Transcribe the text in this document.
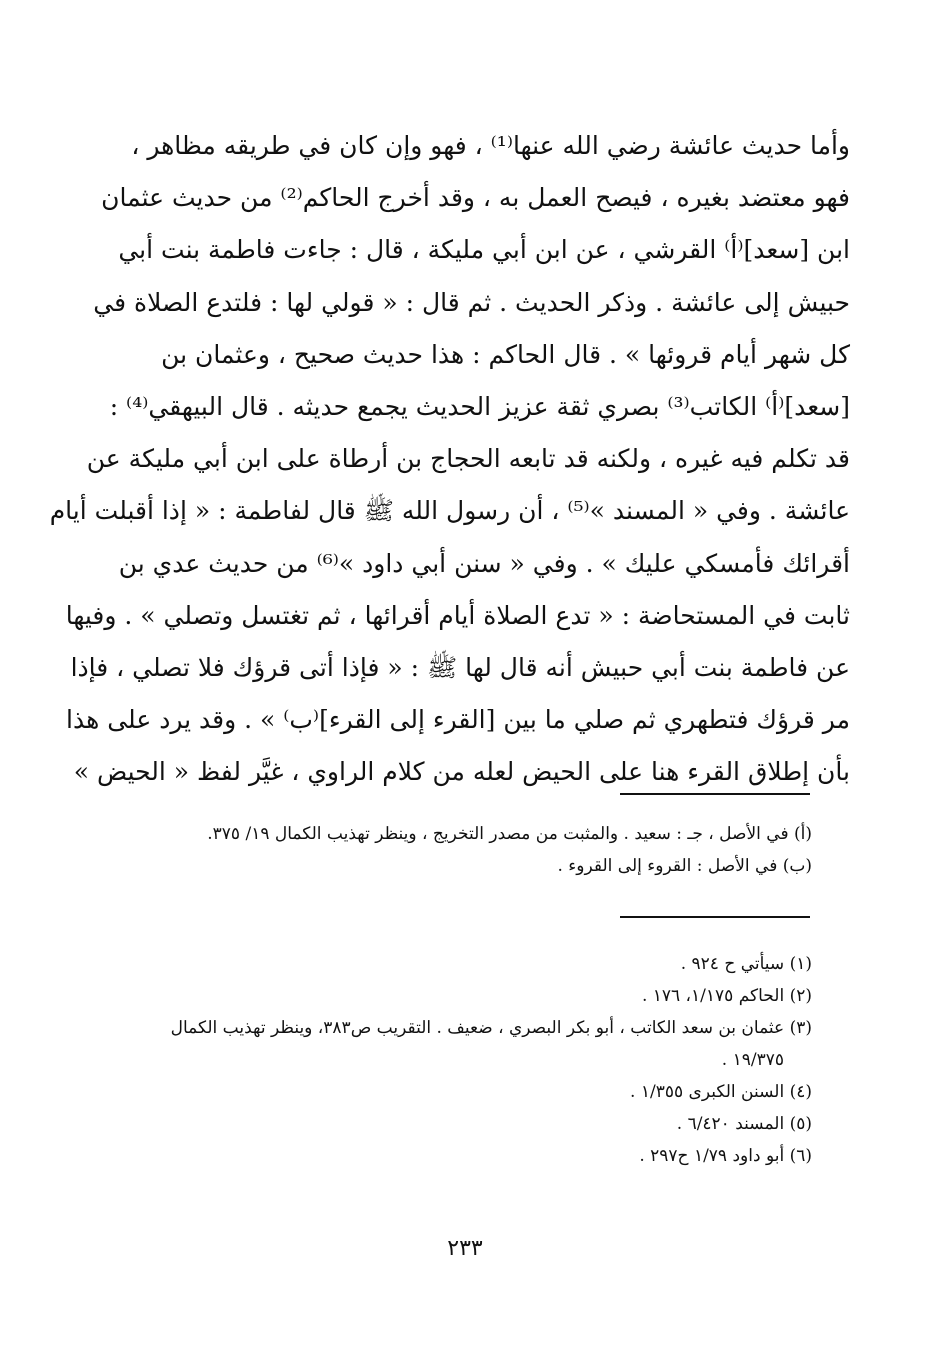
وأما حديث عائشة رضي الله عنها⁽¹⁾ ، فهو وإن كان في طريقه مظاهر ،
فهو معتضد بغيره ، فيصح العمل به ، وقد أخرج الحاكم⁽²⁾ من حديث عثمان
ابن [سعد]⁽أ⁾ القرشي ، عن ابن أبي مليكة ، قال : جاءت فاطمة بنت أبي
حبيش إلى عائشة . وذكر الحديث . ثم قال : « قولي لها : فلتدع الصلاة في
كل شهر أيام قروئها » . قال الحاكم : هذا حديث صحيح ، وعثمان بن
[سعد]⁽أ⁾ الكاتب⁽³⁾ بصري ثقة عزيز الحديث يجمع حديثه . قال البيهقي⁽⁴⁾ :
قد تكلم فيه غيره ، ولكنه قد تابعه الحجاج بن أرطاة على ابن أبي مليكة عن
عائشة . وفي « المسند »⁽⁵⁾ ، أن رسول الله ﷺ قال لفاطمة : « إذا أقبلت أيام
أقرائك فأمسكي عليك » . وفي « سنن أبي داود »⁽⁶⁾ من حديث عدي بن
ثابت في المستحاضة : « تدع الصلاة أيام أقرائها ، ثم تغتسل وتصلي » . وفيها
عن فاطمة بنت أبي حبيش أنه قال لها ﷺ : « فإذا أتى قرؤك فلا تصلي ، فإذا
مر قرؤك فتطهري ثم صلي ما بين [القرء إلى القرء]⁽ب⁾ » . وقد يرد على هذا
بأن إطلاق القرء هنا على الحيض لعله من كلام الراوي ، غيَّر لفظ « الحيض »
(أ) في الأصل ، جـ : سعيد . والمثبت من مصدر التخريج ، وينظر تهذيب الكمال ١٩/ ٣٧٥.
(ب) في الأصل : القروء إلى القروء .
(١) سيأتي ح ٩٢٤ .
(٢) الحاكم ١/١٧٥، ١٧٦ .
(٣) عثمان بن سعد الكاتب ، أبو بكر البصري ، ضعيف . التقريب ص٣٨٣، وينظر تهذيب الكمال
١٩/٣٧٥ .
(٤) السنن الكبرى ١/٣٥٥ .
(٥) المسند ٦/٤٢٠ .
(٦) أبو داود ١/٧٩ ح٢٩٧ .
٢٣٣
